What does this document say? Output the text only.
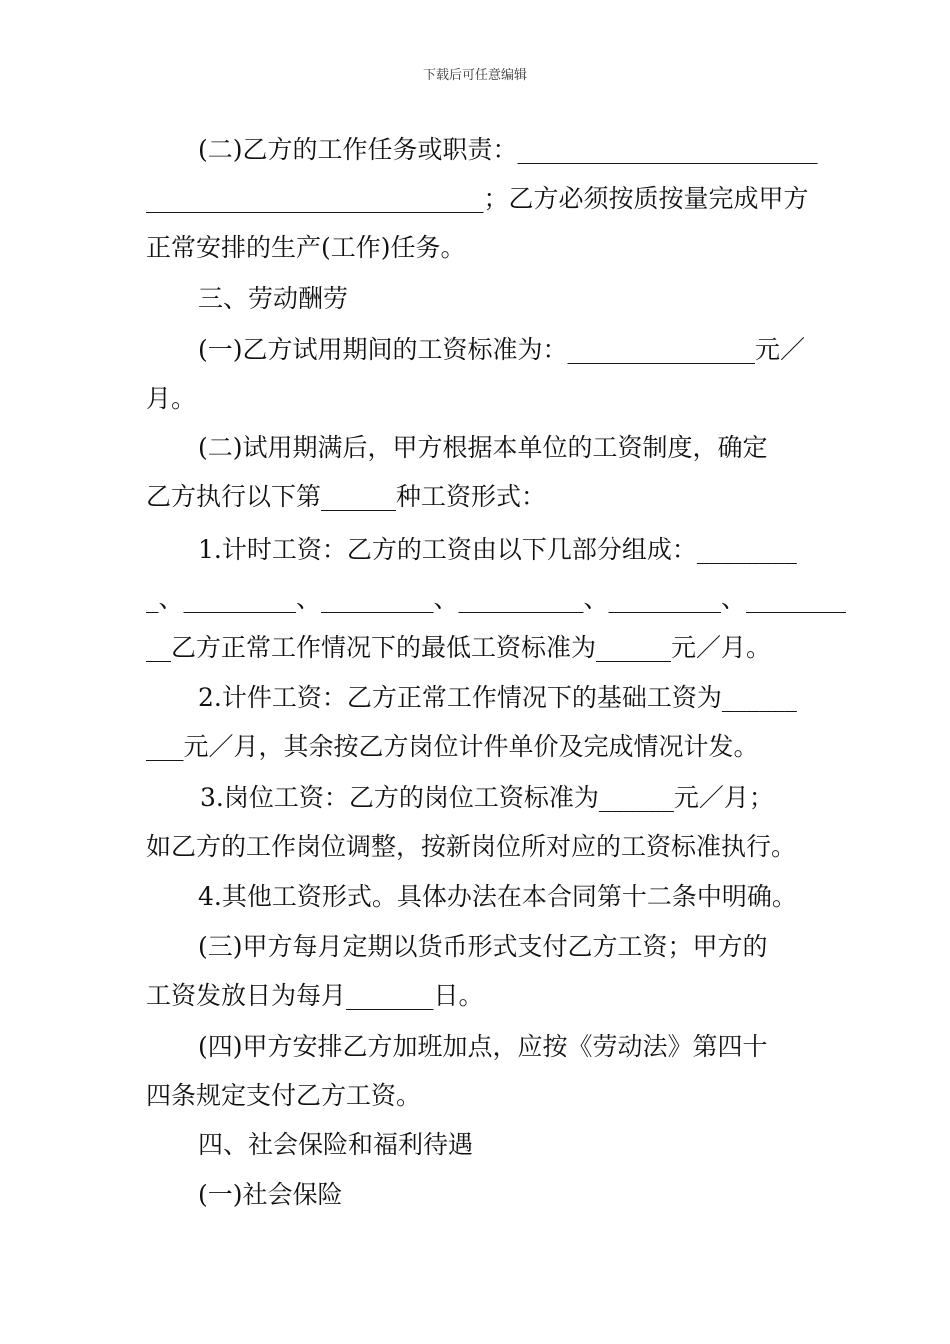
下载后可任意编辑
(二)乙方的工作任务或职责：________________________
___________________________；乙方必须按质按量完成甲方
正常安排的生产(工作)任务。
三、劳动酬劳
(一)乙方试用期间的工资标准为：_______________元／
月。
(二)试用期满后，甲方根据本单位的工资制度，确定
乙方执行以下第______种工资形式：
1.计时工资：乙方的工资由以下几部分组成：________
_、_________、_________、__________、_________、________
__乙方正常工作情况下的最低工资标准为______元／月。
2.计件工资：乙方正常工作情况下的基础工资为______
___元／月，其余按乙方岗位计件单价及完成情况计发。
3.岗位工资：乙方的岗位工资标准为______元／月；
如乙方的工作岗位调整，按新岗位所对应的工资标准执行。
4.其他工资形式。具体办法在本合同第十二条中明确。
(三)甲方每月定期以货币形式支付乙方工资；甲方的
工资发放日为每月_______日。
(四)甲方安排乙方加班加点，应按《劳动法》第四十
四条规定支付乙方工资。
四、社会保险和福利待遇
(一)社会保险
